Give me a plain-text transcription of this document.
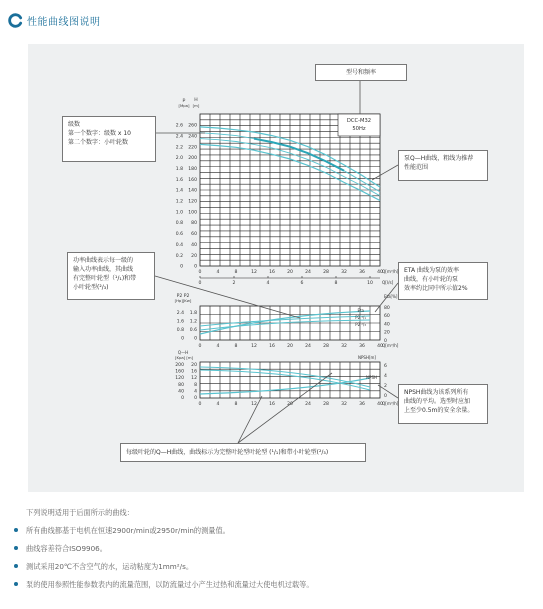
性能曲线图说明
DCC-M32
50Hz
p H
[Mpa] [m]
2.6
2.4
2.2
2.0
1.8
1.6
1.4
1.2
1.0
0.8
0.6
0.4
0.2
0
260
240
220
200
180
160
140
120
100
80
60
40
20
0
0	4	8	12	16	20	24	28	32	36	40 Q[m³/h]
0	2	4	6	8	10 Q[l/s]
P2 P2
[Hp][Kw]
2.4
1.6
0.8
0
1.8
1.2
0.6
0
Eta[%]
80
60
40
20
0
0	4	8	12	16	20	24	28	32	36	40 Q[m³/h]
Eta
P2 ¹/₁
P2 ²/₃
Q—H
[Kpa] [m]
200
160
120
80
40
0
20
16
12
8
4
0
NPSH[m]
6
4
2
0
NPSH
0	4	8	12	16	20	24	28	32	36	40 Q[m³/h]
型号和频率
级数
第一个数字：级数 x 10
第二个数字：小叶轮数
泵Q—H曲线，粗线为推荐
性能范围
功率曲线表示每一级的
输入功率曲线，其曲线
有完整叶轮型（¹/₁)和带
小叶轮型(²/₃)
ETA 曲线为泵的效率
曲线，有小叶轮的泵
效率约比同中所示值2%
NPSH曲线为该系列所有
曲线的平均。选型时应加
上至少0.5m的安全余量。
每级叶轮的Q—H曲线，曲线标示为完整叶轮型叶轮型 (¹/₁)和带小叶轮型(²/₃)
下列说明适用于后面所示的曲线：
所有曲线都基于电机在恒速2900r/min或2950r/min的测量值。
曲线容差符合ISO9906。
测试采用20℃不含空气的水，运动粘度为1mm²/s。
泵的使用参照性能参数表内的流量范围，以防流量过小产生过热和流量过大使电机过载等。
